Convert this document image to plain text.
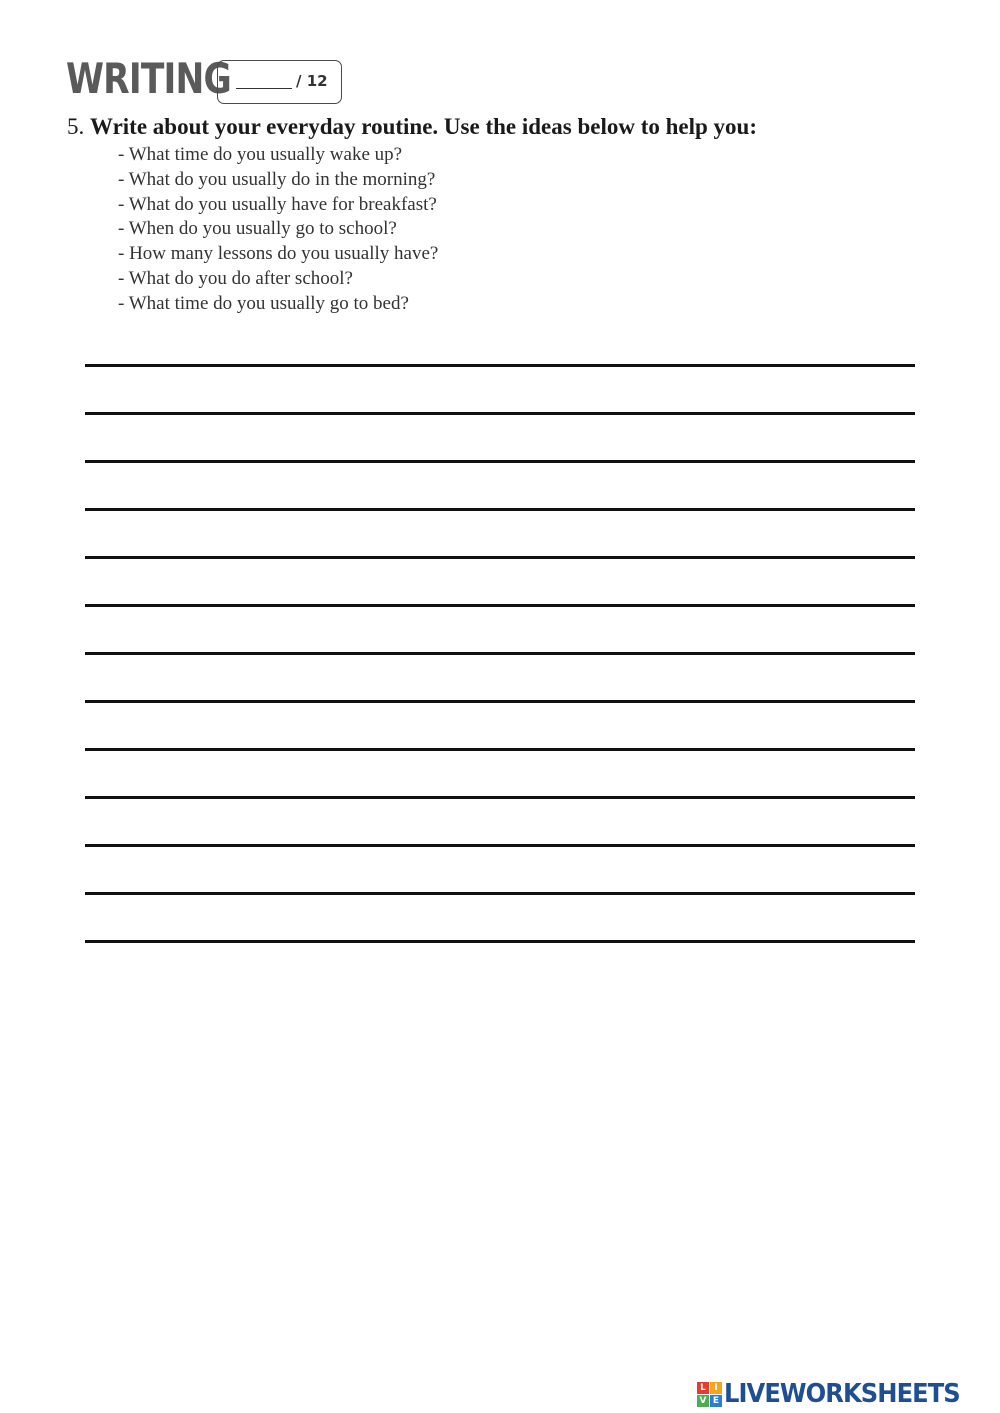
WRITING	/ 12
5. Write about your everyday routine. Use the ideas below to help you:
- What time do you usually wake up?
- What do you usually do in the morning?
- What do you usually have for breakfast?
- When do you usually go to school?
- How many lessons do you usually have?
- What do you do after school?
- What time do you usually go to bed?
L I
V E LIVEWORKSHEETS
